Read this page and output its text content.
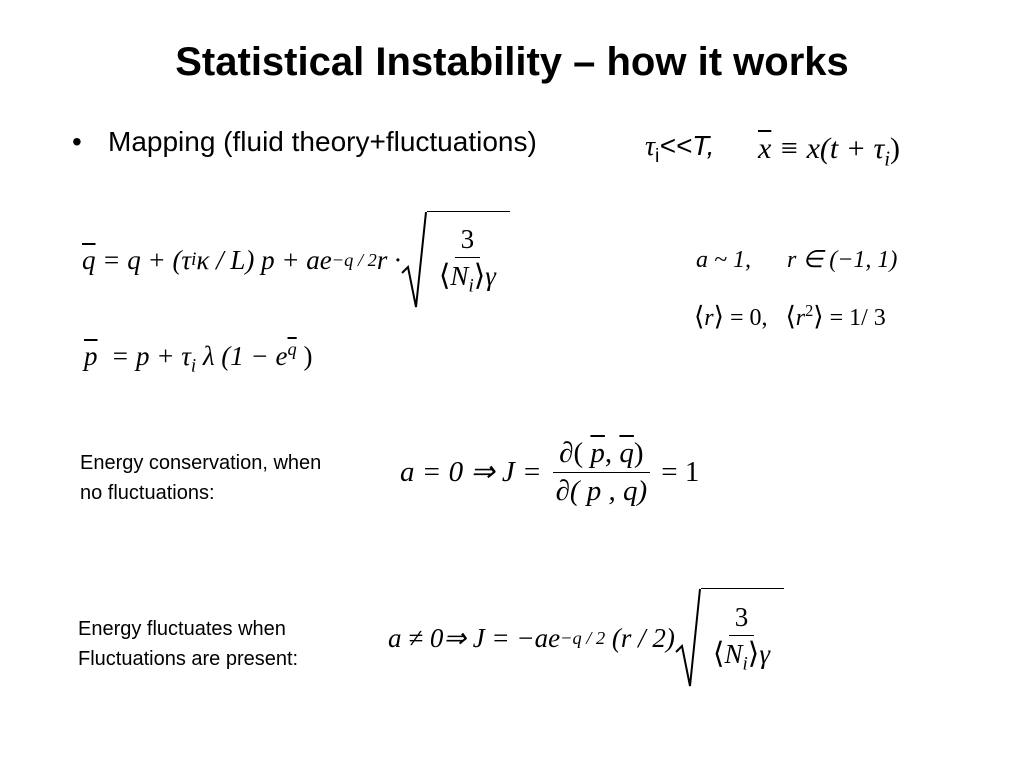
Statistical Instability – how it works
• Mapping (fluid theory+fluctuations)	$\tau_i<<T$, $\overline{x} \equiv x(t + \tau_i)$
$\overline{q}$
= q + (τ i κ / L) p + ae −q / 2 $r \cdot \frac{3}{⟨N_i⟩\gamma}$
$\overline{p} = p + \tau_i$ λ ($1 - e^{\overline{q}}$ )
a ~ 1, r ∈ (−1, 1)
⟨r⟩ = 0, $⟨r^2⟩ = 1/$ 3
Energy conservation, when no fluctuations:
a = 0 ⇒ $J = \frac{\partial( \overline{p}, \overline{q})}{\partial( p , q)} = 1$
Energy fluctuates when Fluctuations are present:
a ≠ 0⇒ J = −ae −q / 2
$(r / 2) \frac{3}{⟨N_i⟩\gamma}$
